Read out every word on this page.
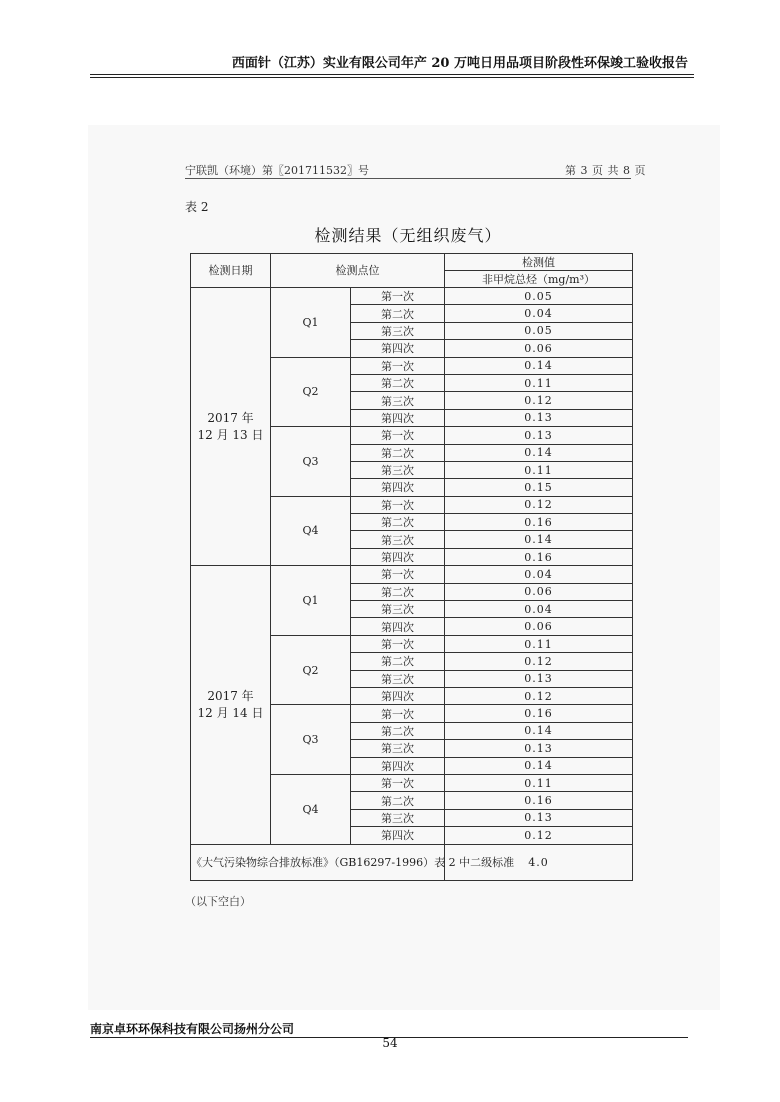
西面针（江苏）实业有限公司年产 20 万吨日用品项目阶段性环保竣工验收报告
宁联凯（环境）第〖201711532〗号	第 3 页 共 8 页
表 2
检测结果（无组织废气）
检测日期	检测点位		检测值
			非甲烷总烃（mg/m³）

2017 年
12 月 13 日	Q1	第一次	0.05
		第二次	0.04
		第三次	0.05
		第四次	0.06
	Q2	第一次	0.14
		第二次	0.11
		第三次	0.12
		第四次	0.13
	Q3	第一次	0.13
		第二次	0.14
		第三次	0.11
		第四次	0.15
	Q4	第一次	0.12
		第二次	0.16
		第三次	0.14
		第四次	0.16

2017 年
12 月 14 日	Q1	第一次	0.04
		第二次	0.06
		第三次	0.04
		第四次	0.06
	Q2	第一次	0.11
		第二次	0.12
		第三次	0.13
		第四次	0.12
	Q3	第一次	0.16
		第二次	0.14
		第三次	0.13
		第四次	0.14
	Q4	第一次	0.11
		第二次	0.16
		第三次	0.13
		第四次	0.12
《大气污染物综合排放标准》（GB16297-1996）表 2 中二级标准			4.0
（以下空白）
南京卓环环保科技有限公司扬州分公司
54
